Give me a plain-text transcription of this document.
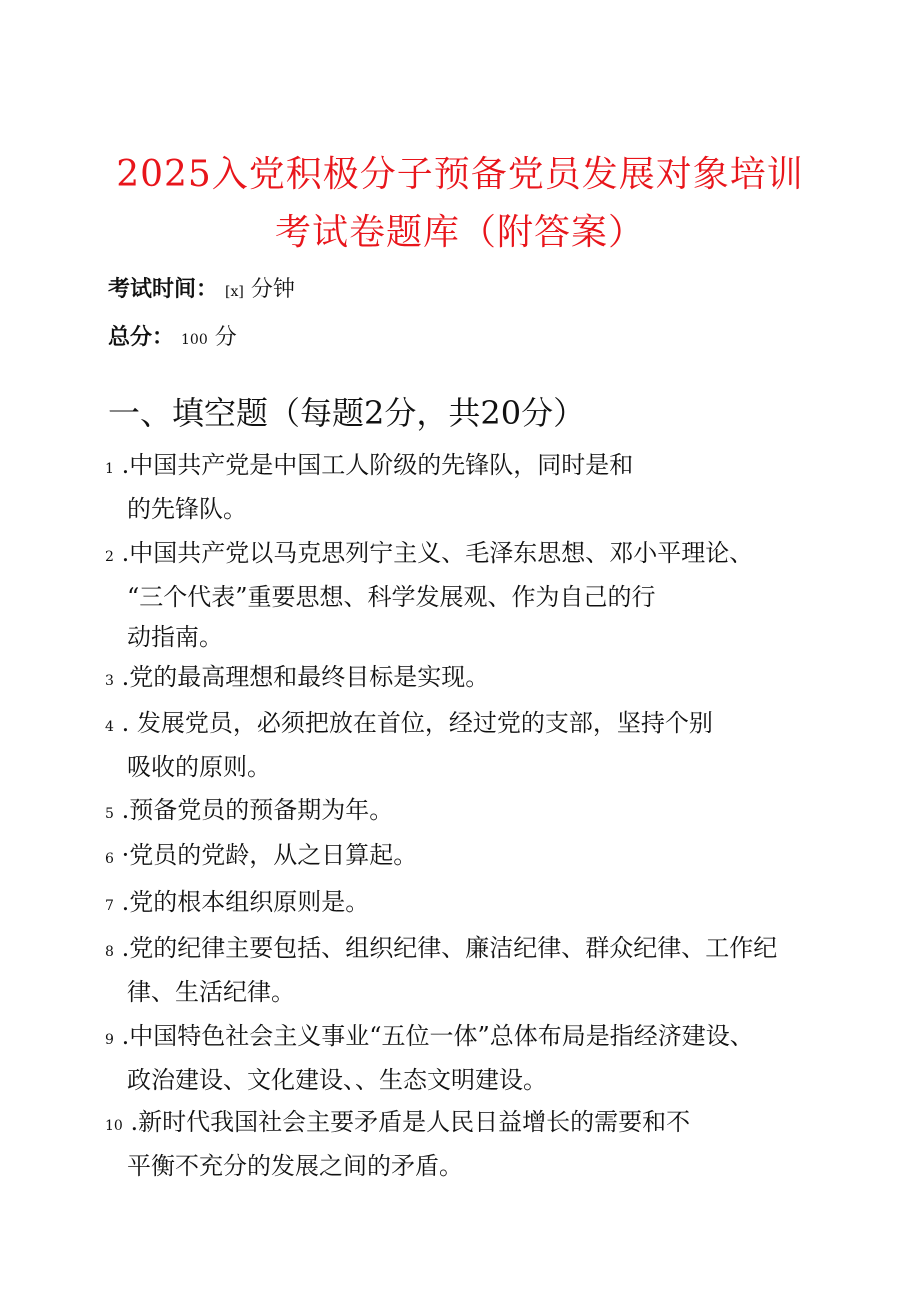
2025入党积极分子预备党员发展对象培训
考试卷题库（附答案）
考试时间： [x] 分钟
总分： 100 分
一、填空题（每题2分，共20分）
1 .中国共产党是中国工人阶级的先锋队，同时是和
的先锋队。
2 .中国共产党以马克思列宁主义、毛泽东思想、邓小平理论、
“三个代表”重要思想、科学发展观、作为自己的行
动指南。
3 .党的最高理想和最终目标是实现。
4 . 发展党员，必须把放在首位，经过党的支部，坚持个别
吸收的原则。
5 .预备党员的预备期为年。
6 ·党员的党龄，从之日算起。
7 .党的根本组织原则是。
8 .党的纪律主要包括、组织纪律、廉洁纪律、群众纪律、工作纪
律、生活纪律。
9 .中国特色社会主义事业“五位一体”总体布局是指经济建设、
政治建设、文化建设、、生态文明建设。
10 .新时代我国社会主要矛盾是人民日益增长的需要和不
平衡不充分的发展之间的矛盾。
